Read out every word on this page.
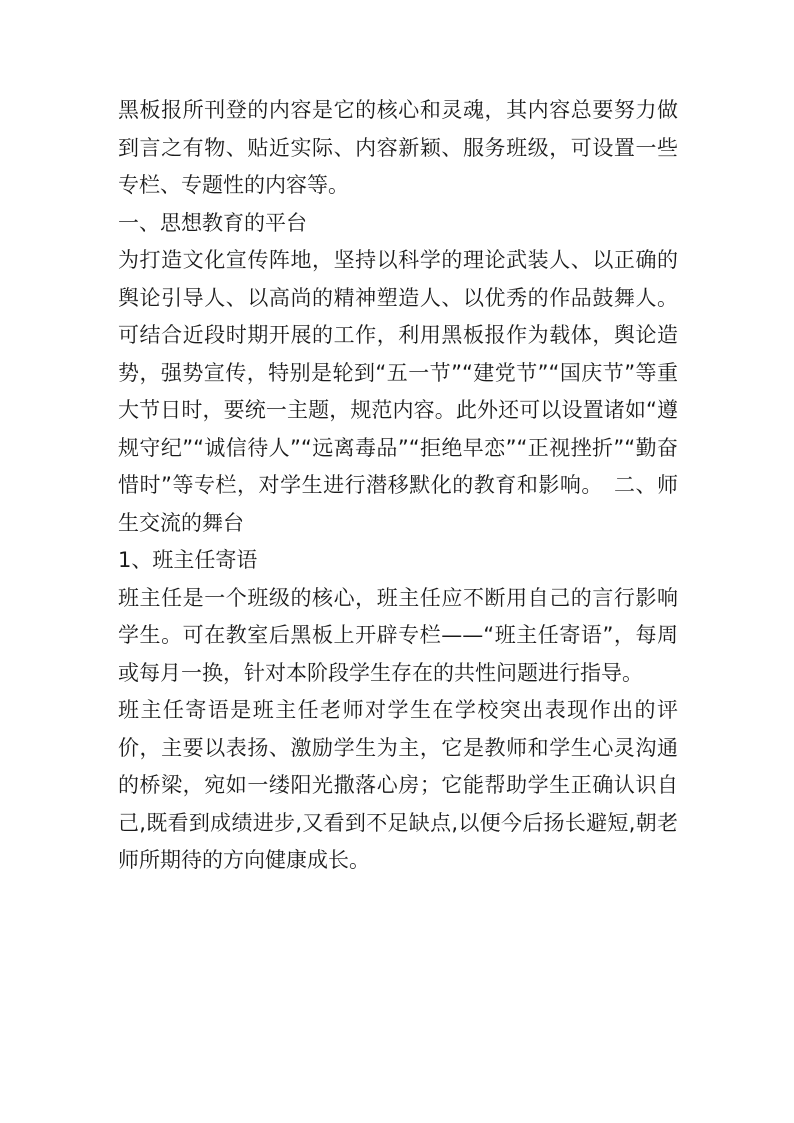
黑板报所刊登的内容是它的核心和灵魂，其内容总要努力做到言之有物、贴近实际、内容新颖、服务班级，可设置一些专栏、专题性的内容等。

一、思想教育的平台

为打造文化宣传阵地，坚持以科学的理论武装人、以正确的舆论引导人、以高尚的精神塑造人、以优秀的作品鼓舞人。可结合近段时期开展的工作，利用黑板报作为载体，舆论造势，强势宣传，特别是轮到“五一节”“建党节”“国庆节”等重大节日时，要统一主题，规范内容。此外还可以设置诸如“遵规守纪”“诚信待人”“远离毒品”“拒绝早恋”“正视挫折”“勤奋惜时”等专栏，对学生进行潜移默化的教育和影响。　二、师生交流的舞台

1、班主任寄语

班主任是一个班级的核心，班主任应不断用自己的言行影响学生。可在教室后黑板上开辟专栏——“班主任寄语”，每周或每月一换，针对本阶段学生存在的共性问题进行指导。

班主任寄语是班主任老师对学生在学校突出表现作出的评价，主要以表扬、激励学生为主，它是教师和学生心灵沟通的桥梁，宛如一缕阳光撒落心房；它能帮助学生正确认识自己,既看到成绩进步,又看到不足缺点,以便今后扬长避短,朝老师所期待的方向健康成长。
